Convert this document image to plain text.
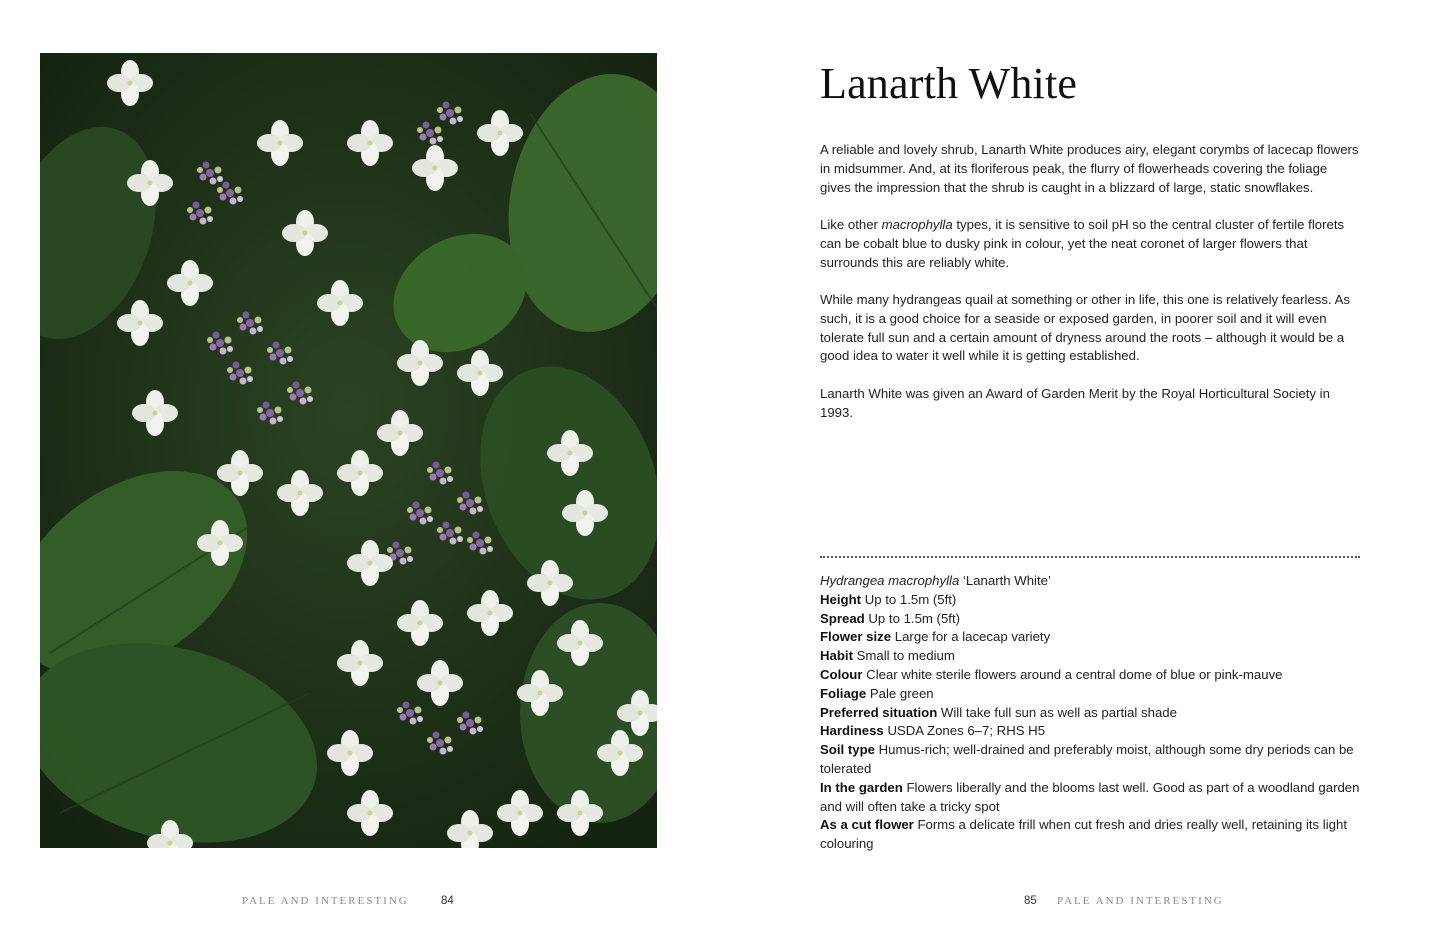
Lanarth White

A reliable and lovely shrub, Lanarth White produces airy, elegant corymbs of lacecap flowers in midsummer. And, at its floriferous peak, the flurry of flowerheads covering the foliage gives the impression that the shrub is caught in a blizzard of large, static snowflakes.

Like other macrophylla types, it is sensitive to soil pH so the central cluster of fertile florets can be cobalt blue to dusky pink in colour, yet the neat coronet of larger flowers that surrounds this are reliably white.

While many hydrangeas quail at something or other in life, this one is relatively fearless. As such, it is a good choice for a seaside or exposed garden, in poorer soil and it will even tolerate full sun and a certain amount of dryness around the roots – although it would be a good idea to water it well while it is getting established.

Lanarth White was given an Award of Garden Merit by the Royal Horticultural Society in 1993.

Hydrangea macrophylla ‘Lanarth White’
Height Up to 1.5m (5ft)
Spread Up to 1.5m (5ft)
Flower size Large for a lacecap variety
Habit Small to medium
Colour Clear white sterile flowers around a central dome of blue or pink-mauve
Foliage Pale green
Preferred situation Will take full sun as well as partial shade
Hardiness USDA Zones 6–7; RHS H5
Soil type Humus-rich; well-drained and preferably moist, although some dry periods can be tolerated
In the garden Flowers liberally and the blooms last well. Good as part of a woodland garden and will often take a tricky spot
As a cut flower Forms a delicate frill when cut fresh and dries really well, retaining its light colouring
PALE AND INTERESTING	84	85 PALE AND INTERESTING
